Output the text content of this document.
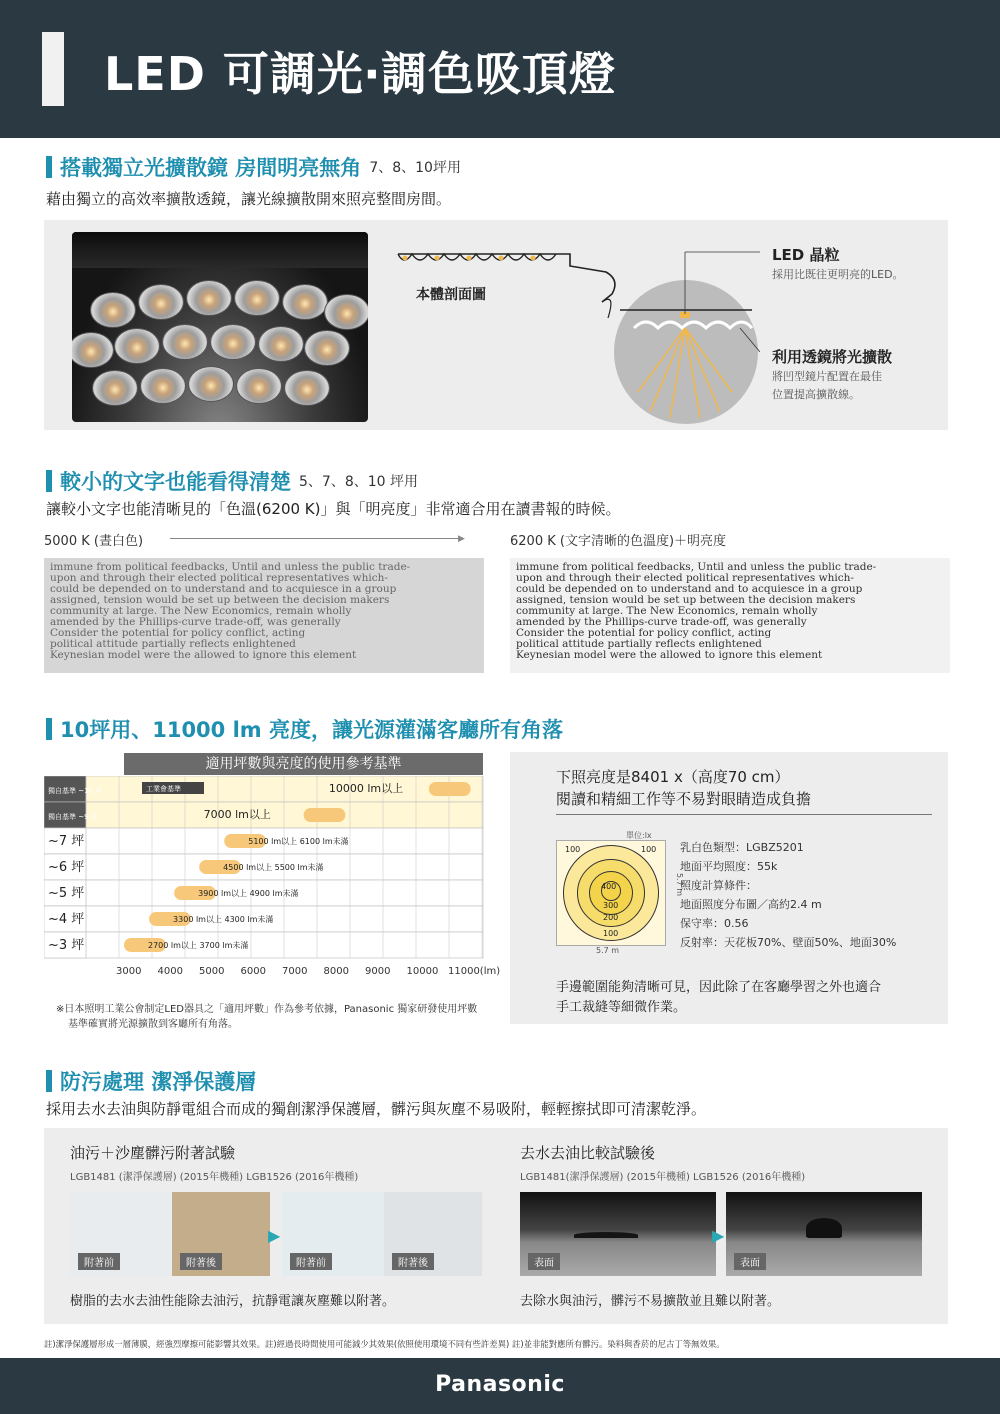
LED 可調光‧調色吸頂燈
搭載獨立光擴散鏡 房間明亮無角 7、8、10坪用
藉由獨立的高效率擴散透鏡，讓光線擴散開來照亮整間房間。
本體剖面圖
LED 晶粒
採用比既往更明亮的LED。
利用透鏡將光擴散
將凹型鏡片配置在最佳
位置提高擴散線。
較小的文字也能看得清楚 5、7、8、10 坪用
讓較小文字也能清晰見的「色溫(6200 K)」與「明亮度」非常適合用在讀書報的時候。
5000 K (晝白色)	▶	6200 K (文字清晰的色溫度)＋明亮度

immune from political feedbacks, Until and unless the public trade-

upon and through their elected political representatives which-

could be depended on to understand and to acquiesce in a group

assigned, tension would be set up between the decision makers

community at large. The New Economics, remain wholly

amended by the Phillips-curve trade-off, was generally

Consider the potential for policy conflict, acting

political attitude partially reflects enlightened

Keynesian model were the allowed to ignore this element

immune from political feedbacks, Until and unless the public trade-

upon and through their elected political representatives which-

could be depended on to understand and to acquiesce in a group

assigned, tension would be set up between the decision makers

community at large. The New Economics, remain wholly

amended by the Phillips-curve trade-off, was generally

Consider the potential for policy conflict, acting

political attitude partially reflects enlightened

Keynesian model were the allowed to ignore this element

10坪用、11000 lm 亮度，讓光源灌滿客廳所有角落
適用坪數與亮度的使用參考基準
獨自基準 ~10 坪	10000 lm以上
獨自基準 ~9 坪	7000 lm以上
~7 坪	5100 lm以上 6100 lm未滿
~6 坪	4500 lm以上 5500 lm未滿
~5 坪	3900 lm以上 4900 lm未滿
~4 坪	3300 lm以上 4300 lm未滿
~3 坪	2700 lm以上 3700 lm未滿
工業會基準
3000 4000 5000 6000 7000 8000 9000 10000 11000(lm)
※日本照明工業公會制定LED器具之「適用坪數」作為參考依據，Panasonic 獨家研發使用坪數
基準確實將光源擴散到客廳所有角落。
下照亮度是8401 x（高度70 cm）
閱讀和精細工作等不易對眼睛造成負擔
單位:lx
100	100
400
300
200
100
5.7 m
5.7 m
乳白色類型：LGBZ5201
地面平均照度：55k
照度計算條件：
地面照度分布圖／高約2.4 m
保守率：0.56
反射率：天花板70%、壁面50%、地面30%
手邊範圍能夠清晰可見，因此除了在客廳學習之外也適合
手工裁縫等細微作業。
防污處理 潔淨保護層
採用去水去油與防靜電組合而成的獨創潔淨保護層，髒污與灰塵不易吸附，輕輕擦拭即可清潔乾淨。
油污＋沙塵髒污附著試驗
LGB1481 (潔淨保護層) (2015年機種) LGB1526 (2016年機種)
去水去油比較試驗後
LGB1481(潔淨保護層) (2015年機種) LGB1526 (2016年機種)
附著前	附著後
▶
附著前	附著後	表面
▶
表面
樹脂的去水去油性能除去油污，抗靜電讓灰塵難以附著。	去除水與油污，髒污不易擴散並且難以附著。
註)潔淨保護層形成一層薄膜，經強烈摩擦可能影響其效果。註)經過長時間使用可能減少其效果(依照使用環境不同有些許差異) 註)並非能對應所有髒污。染料與香菸的尼古丁等無效果。
Panasonic
